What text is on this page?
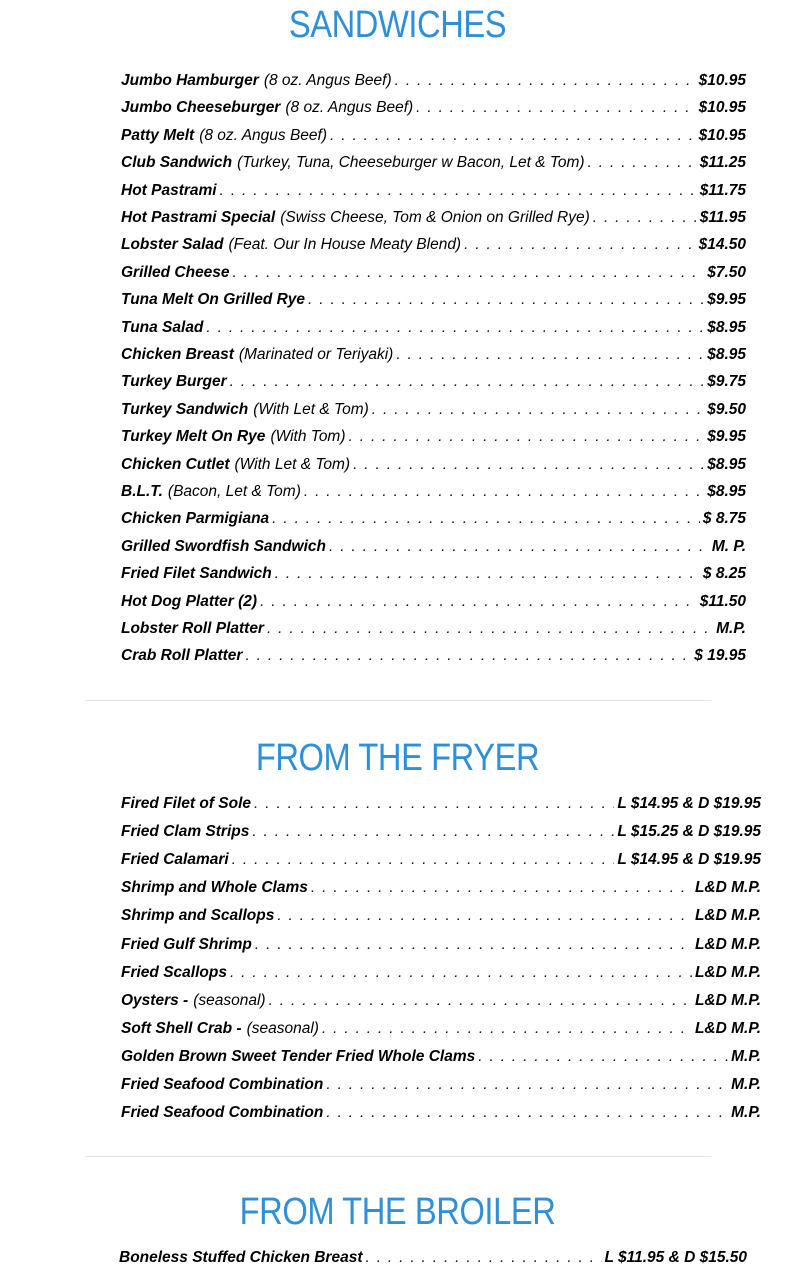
SANDWICHES
Jumbo Hamburger (8 oz. Angus Beef) . . .	$10.95
Jumbo Cheeseburger (8 oz. Angus Beef) . . .	$10.95
Patty Melt (8 oz. Angus Beef) . . .	$10.95
Club Sandwich (Turkey, Tuna, Cheeseburger w Bacon, Let & Tom) . . .	$11.25
Hot Pastrami . . .	$11.75
Hot Pastrami Special (Swiss Cheese, Tom & Onion on Grilled Rye) . . .	$11.95
Lobster Salad (Feat. Our In House Meaty Blend) . . .	$14.50
Grilled Cheese . . .	$7.50
Tuna Melt On Grilled Rye . . .	$9.95
Tuna Salad . . .	$8.95
Chicken Breast (Marinated or Teriyaki) . . .	$8.95
Turkey Burger . . .	$9.75
Turkey Sandwich (With Let & Tom) . . .	$9.50
Turkey Melt On Rye (With Tom) . . .	$9.95
Chicken Cutlet (With Let & Tom) . . .	$8.95
B.L.T. (Bacon, Let & Tom) . . .	$8.95
Chicken Parmigiana . . .	$ 8.75
Grilled Swordfish Sandwich . . .	M. P.
Fried Filet Sandwich . . .	$ 8.25
Hot Dog Platter (2) . . .	$11.50
Lobster Roll Platter . . .	M.P.
Crab Roll Platter . . .	$ 19.95
FROM THE FRYER
Fired Filet of Sole . . .	L $14.95 & D $19.95
Fried Clam Strips . . .	L $15.25 & D $19.95
Fried Calamari . . .	L $14.95 & D $19.95
Shrimp and Whole Clams . . .	L&D M.P.
Shrimp and Scallops . . .	L&D M.P.
Fried Gulf Shrimp . . .	L&D M.P.
Fried Scallops . . .	L&D M.P.
Oysters - (seasonal) . . .	L&D M.P.
Soft Shell Crab - (seasonal) . . .	L&D M.P.
Golden Brown Sweet Tender Fried Whole Clams . . .	M.P.
Fried Seafood Combination . . .	M.P.
Fried Seafood Combination . . .	M.P.
FROM THE BROILER
Boneless Stuffed Chicken Breast . . .	L $11.95 & D $15.50
